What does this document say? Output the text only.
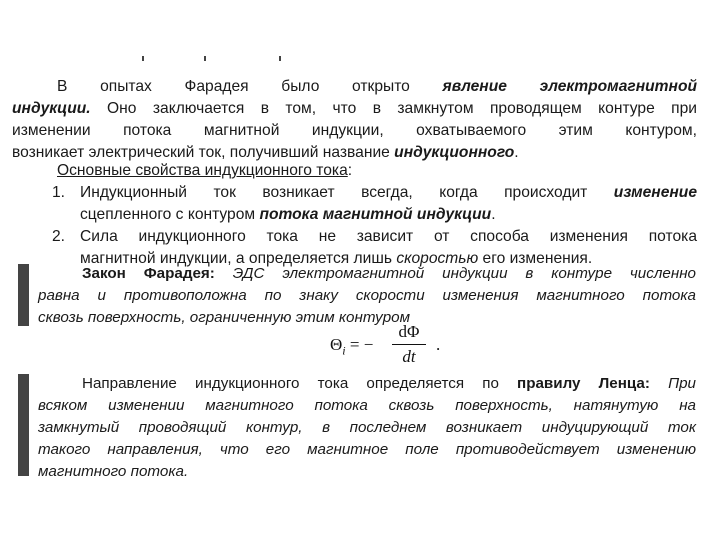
В опытах Фарадея было открыто явление электромагнитной
индукции. Оно заключается в том, что в замкнутом проводящем контуре при
изменении потока магнитной индукции, охватываемого этим контуром,
возникает электрический ток, получивший название индукционного.
Основные свойства индукционного тока:
1. Индукционный ток возникает всегда, когда происходит изменение
сцепленного с контуром потока магнитной индукции.
2. Сила индукционного тока не зависит от способа изменения потока
магнитной индукции, а определяется лишь скоростью его изменения.
Закон Фарадея: ЭДС электромагнитной индукции в контуре численно
равна и противоположна по знаку скорости изменения магнитного потока
сквозь поверхность, ограниченную этим контуром
$\Theta_i$ = −
dΦ
dt
.
Направление индукционного тока определяется по правилу Ленца: При
всяком изменении магнитного потока сквозь поверхность, натянутую на
замкнутый проводящий контур, в последнем возникает индуцирующий ток
такого направления, что его магнитное поле противодействует изменению
магнитного потока.
